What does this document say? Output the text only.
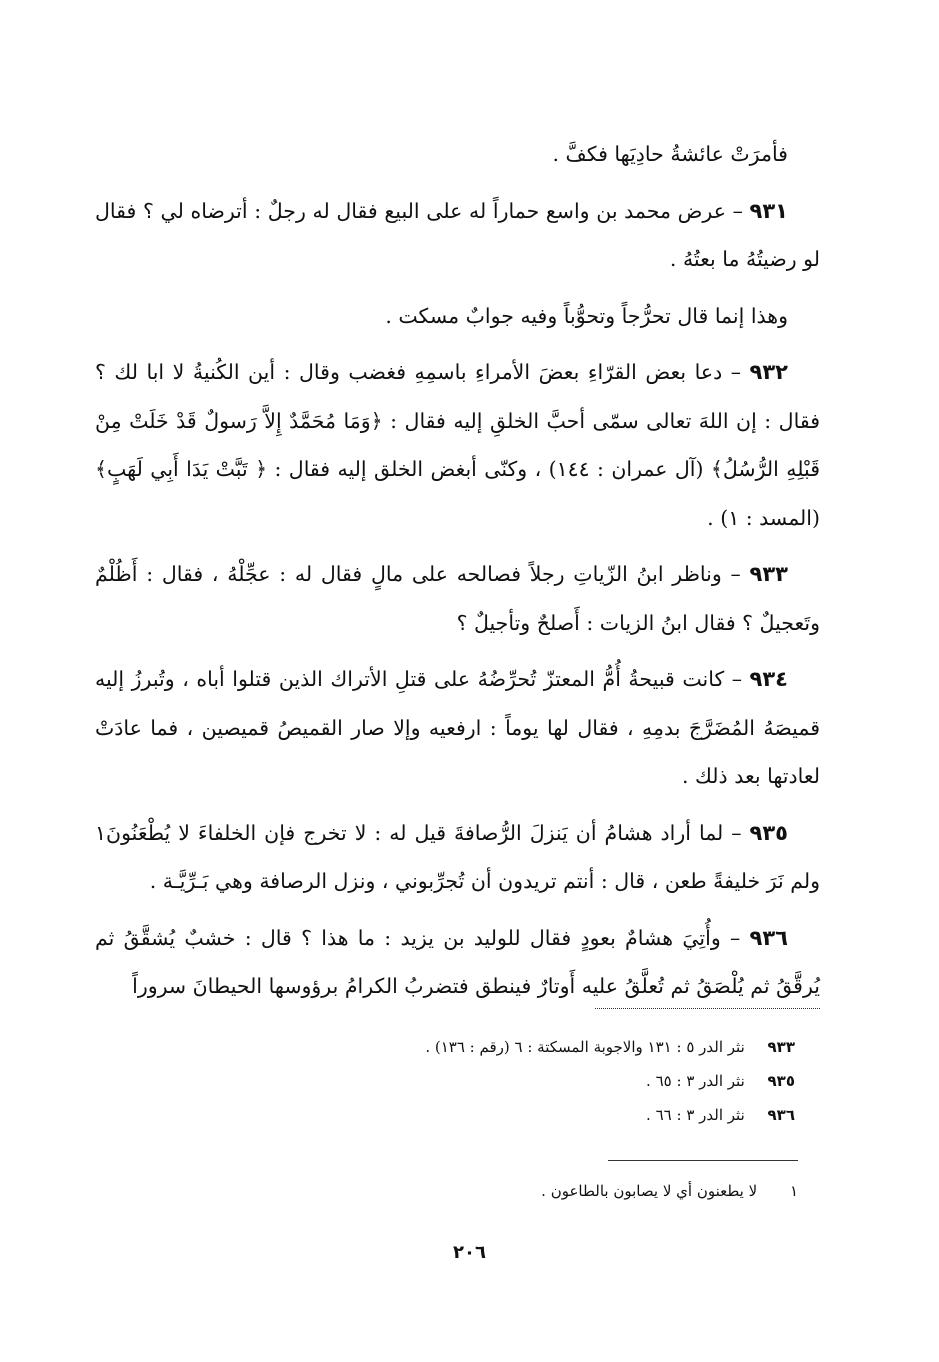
فأمرَتْ عائشةُ حادِيَها فكفَّ .

٩٣١ – عرض محمد بن واسع حماراً له على البيع فقال له رجلٌ : أترضاه لي ؟ فقال لو رضيتُهُ ما بعتُهُ .

وهذا إنما قال تحرُّجاً وتحوُّباً وفيه جوابٌ مسكت .

٩٣٢ – دعا بعض القرّاءِ بعضَ الأمراءِ باسمِهِ فغضب وقال : أين الكُنيةُ لا ابا لك ؟ فقال : إن اللهَ تعالى سمّى أحبَّ الخلقِ إليه فقال : ﴿وَمَا مُحَمَّدٌ إِلاَّ رَسولٌ قَدْ خَلَتْ مِنْ قَبْلِهِ الرُّسُلُ﴾ (آل عمران : ١٤٤) ، وكنّى أبغض الخلق إليه فقال : ﴿ تَبَّتْ يَدَا أَبِي لَهَبٍ﴾ (المسد : ١) .

٩٣٣ – وناظر ابنُ الزّياتِ رجلاً فصالحه على مالٍ فقال له : عجِّلْهُ ، فقال : أَظُلْمٌ وتَعجيلٌ ؟ فقال ابنُ الزيات : أَصلحٌ وتأجيلٌ ؟

٩٣٤ – كانت قبيحةُ أُمُّ المعتزّ تُحرِّضُهُ على قتلِ الأتراك الذين قتلوا أباه ، وتُبرزُ إليه قميصَهُ المُضَرَّجَ بدمِهِ ، فقال لها يوماً : ارفعيه وإلا صار القميصُ قميصين ، فما عادَتْ لعادتها بعد ذلك .

٩٣٥ – لما أراد هشامُ أن يَنزلَ الرُّصافةَ قيل له : لا تخرج فإن الخلفاءَ لا يُطْعَنُونَ١ ولم نَرَ خليفةً طعن ، قال : أنتم تريدون أن تُجرِّبوني ، ونزل الرصافة وهي بَـرِّيَّـة .

٩٣٦ – وأُتِيَ هشامٌ بعودٍ فقال للوليد بن يزيد : ما هذا ؟ قال : خشبٌ يُشقَّقُ ثم يُرقَّقُ ثم يُلْصَقُ ثم تُعلَّقُ عليه أَوتارٌ فينطق فتضربُ الكرامُ برؤوسها الحيطانَ سروراً

٩٣٣ نثر الدر ٥ : ١٣١ والاجوبة المسكتة : ٦ (رقم : ١٣٦) .
٩٣٥ نثر الدر ٣ : ٦٥ .
٩٣٦ نثر الدر ٣ : ٦٦ .
١ لا يطعنون أي لا يصابون بالطاعون .
٢٠٦
